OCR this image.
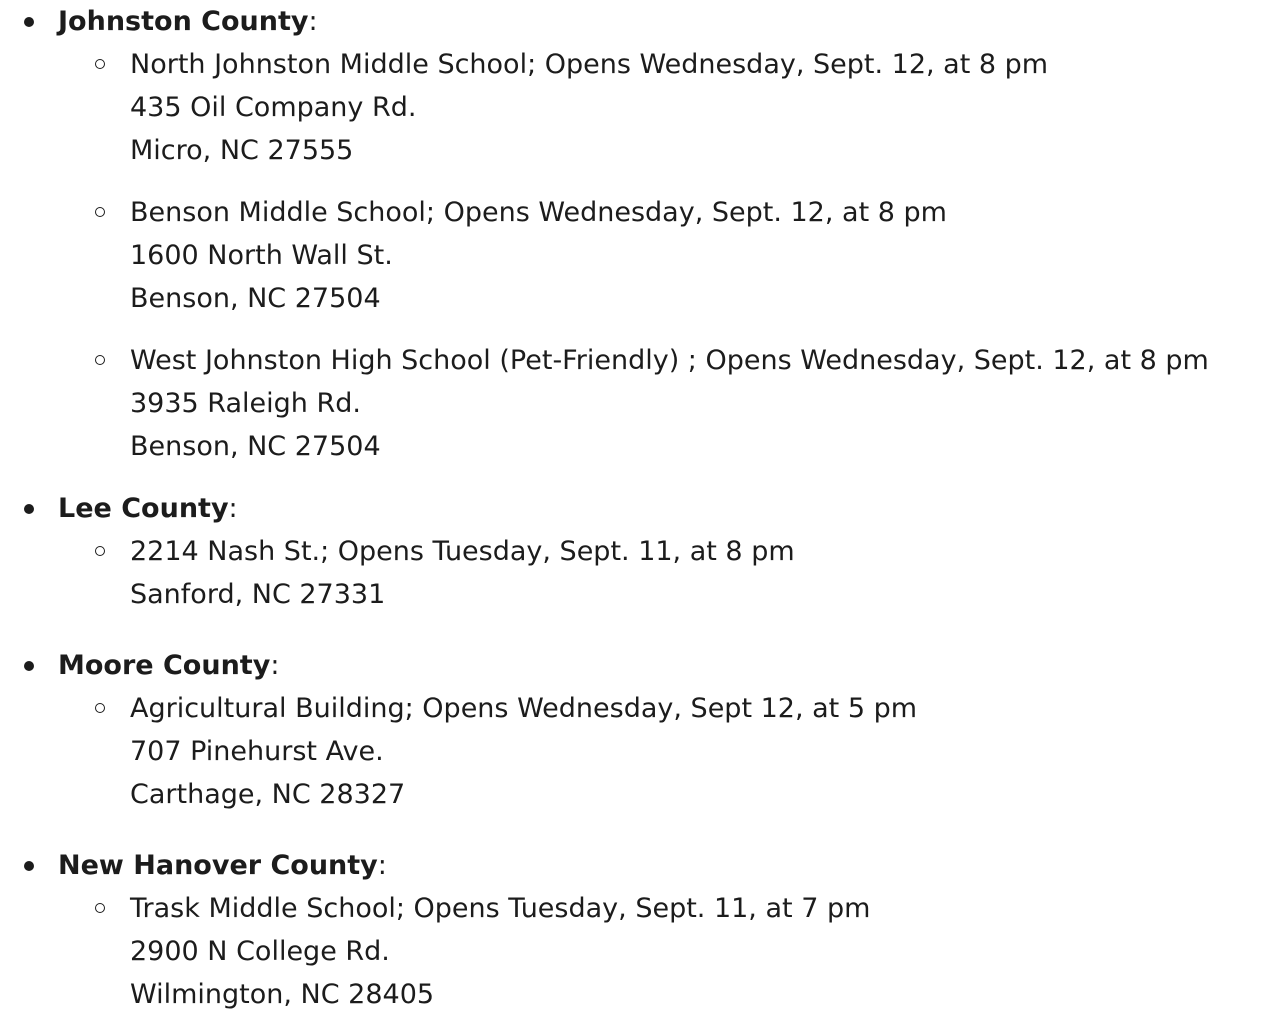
Johnston County:
North Johnston Middle School; Opens Wednesday, Sept. 12, at 8 pm
435 Oil Company Rd.
Micro, NC 27555
Benson Middle School; Opens Wednesday, Sept. 12, at 8 pm
1600 North Wall St.
Benson, NC 27504
West Johnston High School (Pet-Friendly) ; Opens Wednesday, Sept. 12, at 8 pm
3935 Raleigh Rd.
Benson, NC 27504
Lee County:
2214 Nash St.; Opens Tuesday, Sept. 11, at 8 pm
Sanford, NC 27331
Moore County:
Agricultural Building; Opens Wednesday, Sept 12, at 5 pm
707 Pinehurst Ave.
Carthage, NC 28327
New Hanover County:
Trask Middle School; Opens Tuesday, Sept. 11, at 7 pm
2900 N College Rd.
Wilmington, NC 28405
